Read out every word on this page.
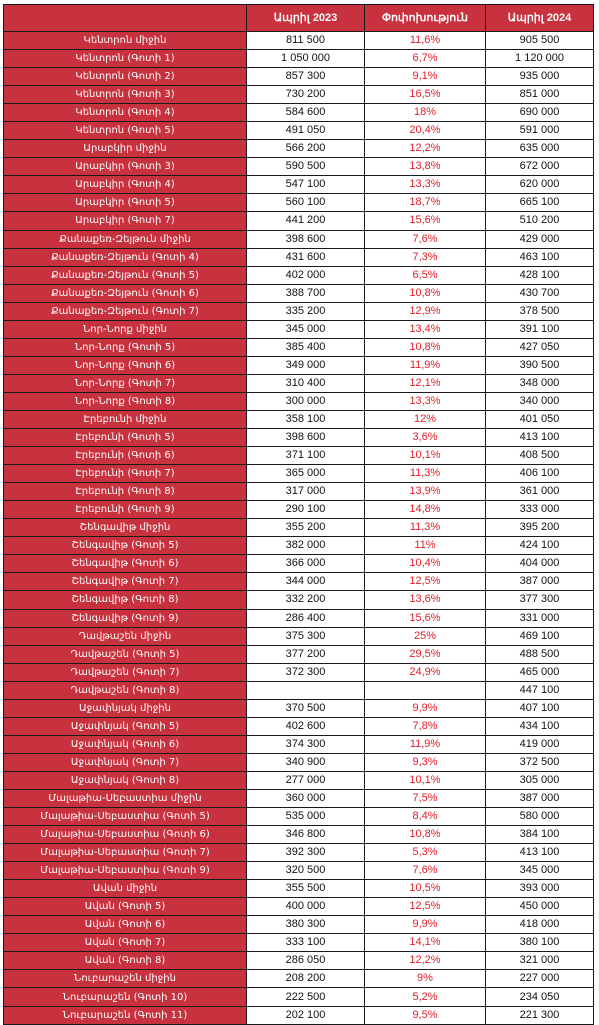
	Ապրիլ 2023	Փոփոխություն	Ապրիլ 2024
Կենտրոն միջին	811 500	11,6%	905 500
Կենտրոն (Գոտի 1)	1 050 000	6,7%	1 120 000
Կենտրոն (Գոտի 2)	857 300	9,1%	935 000
Կենտրոն (Գոտի 3)	730 200	16,5%	851 000
Կենտրոն (Գոտի 4)	584 600	18%	690 000
Կենտրոն (Գոտի 5)	491 050	20,4%	591 000
Արաբկիր միջին	566 200	12,2%	635 000
Արաբկիր (Գոտի 3)	590 500	13,8%	672 000
Արաբկիր (Գոտի 4)	547 100	13,3%	620 000
Արաբկիր (Գոտի 5)	560 100	18,7%	665 100
Արաբկիր (Գոտի 7)	441 200	15,6%	510 200
Քանաքեռ-Զեյթուն միջին	398 600	7,6%	429 000
Քանաքեռ-Զեյթուն (Գոտի 4)	431 600	7,3%	463 100
Քանաքեռ-Զեյթուն (Գոտի 5)	402 000	6,5%	428 100
Քանաքեռ-Զեյթուն (Գոտի 6)	388 700	10,8%	430 700
Քանաքեռ-Զեյթուն (Գոտի 7)	335 200	12,9%	378 500
Նոր-Նորք միջին	345 000	13,4%	391 100
Նոր-Նորք (Գոտի 5)	385 400	10,8%	427 050
Նոր-Նորք (Գոտի 6)	349 000	11,9%	390 500
Նոր-Նորք (Գոտի 7)	310 400	12,1%	348 000
Նոր-Նորք (Գոտի 8)	300 000	13,3%	340 000
Էրեբունի միջին	358 100	12%	401 050
Էրեբունի (Գոտի 5)	398 600	3,6%	413 100
Էրեբունի (Գոտի 6)	371 100	10,1%	408 500
Էրեբունի (Գոտի 7)	365 000	11,3%	406 100
Էրեբունի (Գոտի 8)	317 000	13,9%	361 000
Էրեբունի (Գոտի 9)	290 100	14,8%	333 000
Շենգավիթ միջին	355 200	11,3%	395 200
Շենգավիթ (Գոտի 5)	382 000	11%	424 100
Շենգավիթ (Գոտի 6)	366 000	10,4%	404 000
Շենգավիթ (Գոտի 7)	344 000	12,5%	387 000
Շենգավիթ (Գոտի 8)	332 200	13,6%	377 300
Շենգավիթ (Գոտի 9)	286 400	15,6%	331 000
Դավթաշեն միջին	375 300	25%	469 100
Դավթաշեն (Գոտի 5)	377 200	29,5%	488 500
Դավթաշեն (Գոտի 7)	372 300	24,9%	465 000
Դավթաշեն (Գոտի 8)			447 100
Աջափնյակ միջին	370 500	9,9%	407 100
Աջափնյակ (Գոտի 5)	402 600	7,8%	434 100
Աջափնյակ (Գոտի 6)	374 300	11,9%	419 000
Աջափնյակ (Գոտի 7)	340 900	9,3%	372 500
Աջափնյակ (Գոտի 8)	277 000	10,1%	305 000
Մալաթիա-Սեբաստիա միջին	360 000	7,5%	387 000
Մալաթիա-Սեբաստիա (Գոտի 5)	535 000	8,4%	580 000
Մալաթիա-Սեբաստիա (Գոտի 6)	346 800	10,8%	384 100
Մալաթիա-Սեբաստիա (Գոտի 7)	392 300	5,3%	413 100
Մալաթիա-Սեբաստիա (Գոտի 9)	320 500	7,6%	345 000
Ավան միջին	355 500	10,5%	393 000
Ավան (Գոտի 5)	400 000	12,5%	450 000
Ավան (Գոտի 6)	380 300	9,9%	418 000
Ավան (Գոտի 7)	333 100	14,1%	380 100
Ավան (Գոտի 8)	286 050	12,2%	321 000
Նուբարաշեն միջին	208 200	9%	227 000
Նուբարաշեն (Գոտի 10)	222 500	5,2%	234 050
Նուբարաշեն (Գոտի 11)	202 100	9,5%	221 300
